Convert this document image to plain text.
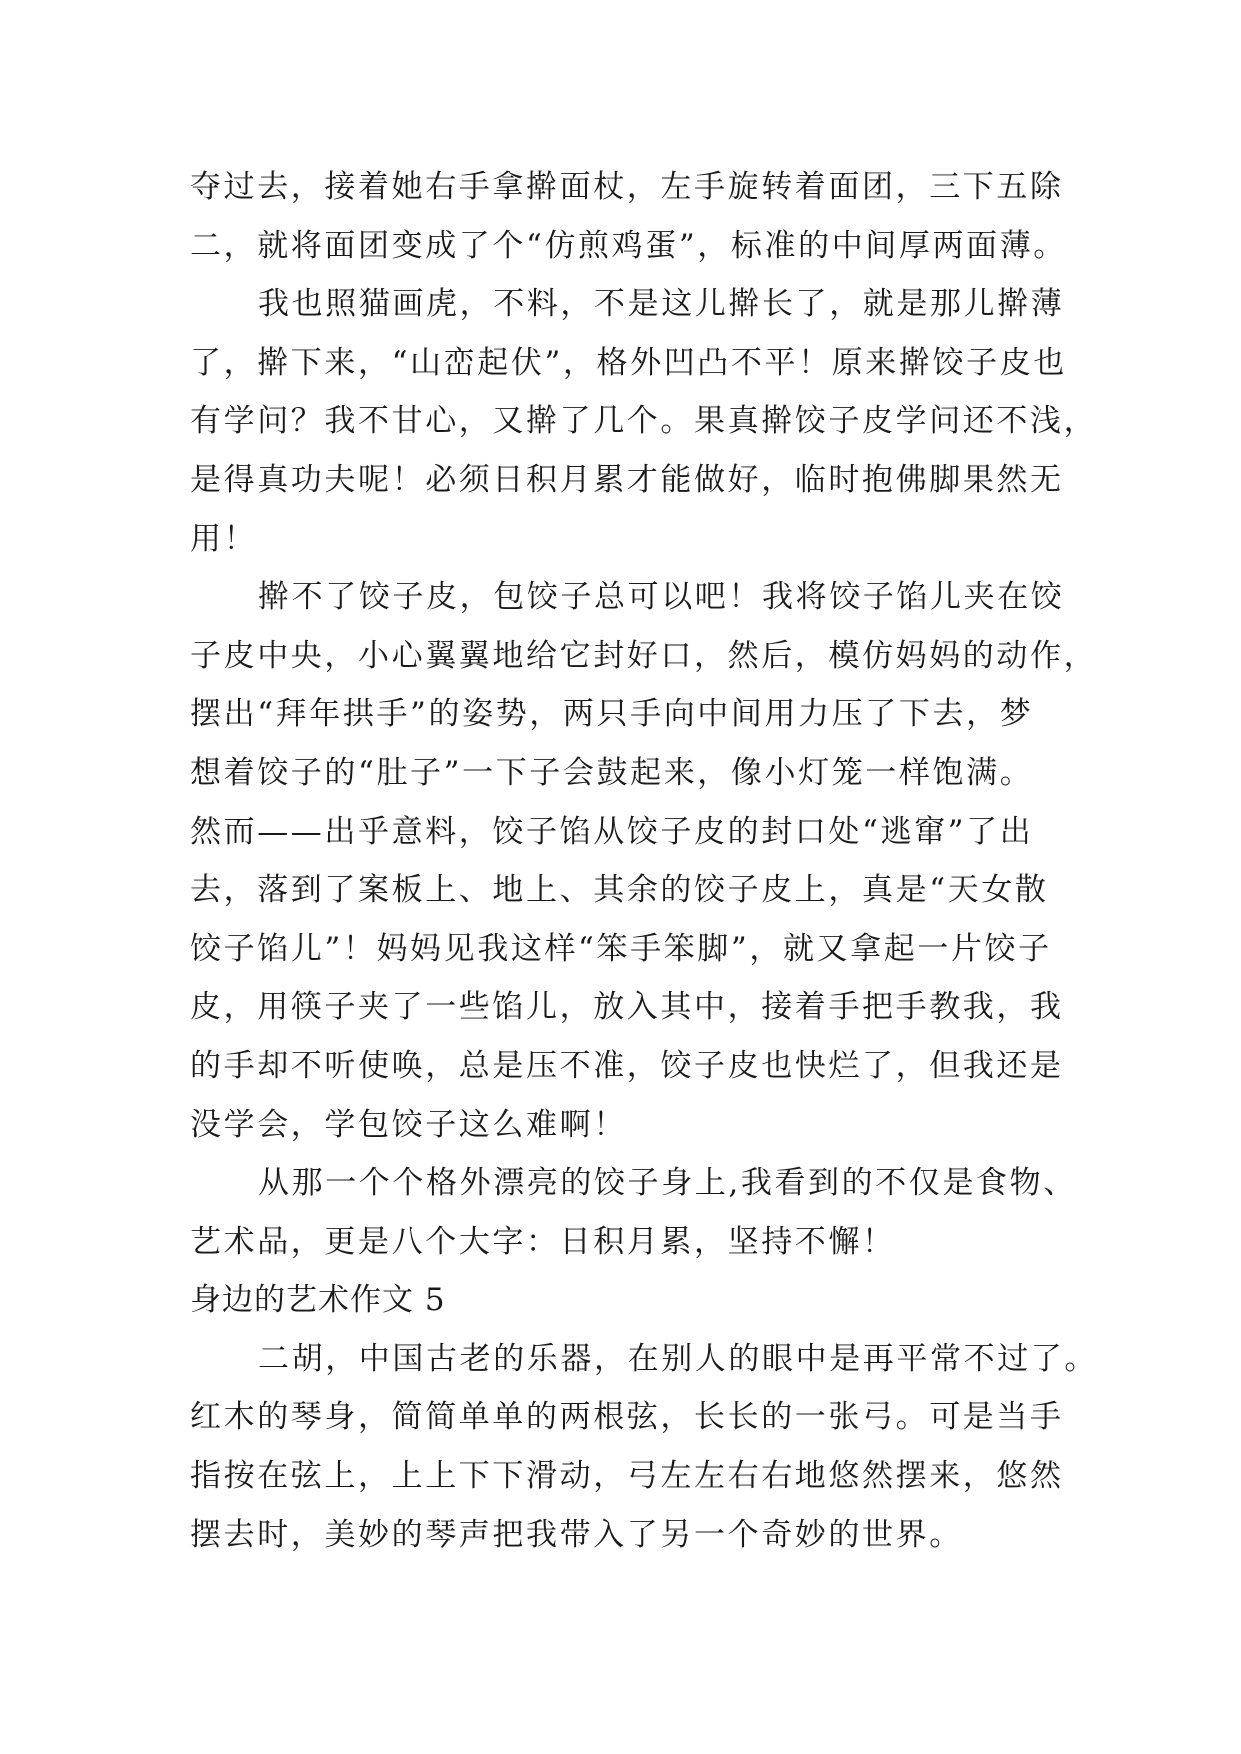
夺过去，接着她右手拿擀面杖，左手旋转着面团，三下五除
二，就将面团变成了个“仿煎鸡蛋”，标准的中间厚两面薄。
我也照猫画虎，不料，不是这儿擀长了，就是那儿擀薄
了，擀下来，“山峦起伏”，格外凹凸不平！原来擀饺子皮也
有学问？我不甘心，又擀了几个。果真擀饺子皮学问还不浅，
是得真功夫呢！必须日积月累才能做好，临时抱佛脚果然无
用！
擀不了饺子皮，包饺子总可以吧！我将饺子馅儿夹在饺
子皮中央，小心翼翼地给它封好口，然后，模仿妈妈的动作，
摆出“拜年拱手”的姿势，两只手向中间用力压了下去，梦
想着饺子的“肚子”一下子会鼓起来，像小灯笼一样饱满。
然而——出乎意料，饺子馅从饺子皮的封口处“逃窜”了出
去，落到了案板上、地上、其余的饺子皮上，真是“天女散
饺子馅儿”！妈妈见我这样“笨手笨脚”，就又拿起一片饺子
皮，用筷子夹了一些馅儿，放入其中，接着手把手教我，我
的手却不听使唤，总是压不准，饺子皮也快烂了，但我还是
没学会，学包饺子这么难啊！
从那一个个格外漂亮的饺子身上,我看到的不仅是食物、
艺术品，更是八个大字：日积月累，坚持不懈！
身边的艺术作文 5
二胡，中国古老的乐器，在别人的眼中是再平常不过了。
红木的琴身，简简单单的两根弦，长长的一张弓。可是当手
指按在弦上，上上下下滑动，弓左左右右地悠然摆来，悠然
摆去时，美妙的琴声把我带入了另一个奇妙的世界。
